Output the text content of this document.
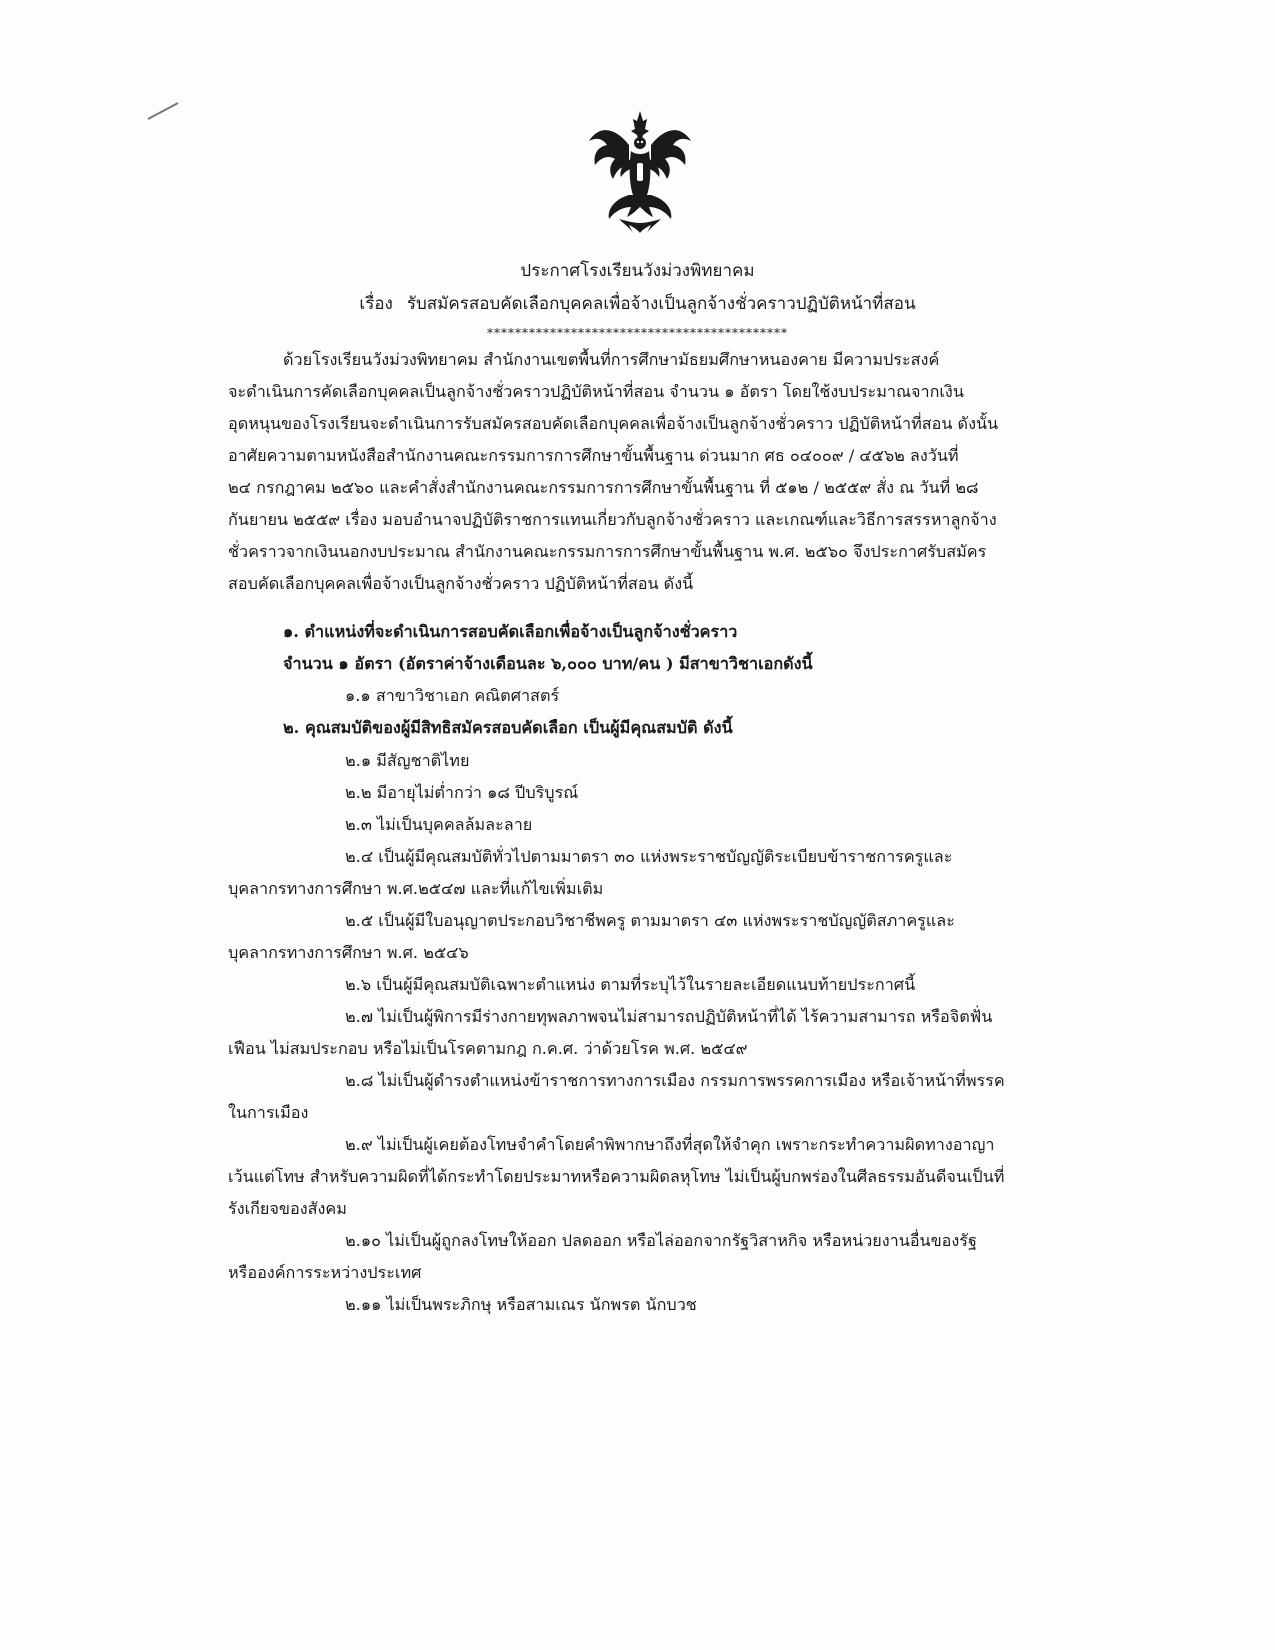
ประกาศโรงเรียนวังม่วงพิทยาคม
เรื่อง รับสมัครสอบคัดเลือกบุคคลเพื่อจ้างเป็นลูกจ้างชั่วคราวปฏิบัติหน้าที่สอน
*******************************************
ด้วยโรงเรียนวังม่วงพิทยาคม สำนักงานเขตพื้นที่การศึกษามัธยมศึกษาหนองคาย มีความประสงค์
จะดำเนินการคัดเลือกบุคคลเป็นลูกจ้างชั่วคราวปฏิบัติหน้าที่สอน จำนวน ๑ อัตรา โดยใช้งบประมาณจากเงิน
อุดหนุนของโรงเรียนจะดำเนินการรับสมัครสอบคัดเลือกบุคคลเพื่อจ้างเป็นลูกจ้างชั่วคราว ปฏิบัติหน้าที่สอน ดังนั้น
อาศัยความตามหนังสือสำนักงานคณะกรรมการการศึกษาขั้นพื้นฐาน ด่วนมาก ศธ ๐๔๐๐๙ / ๔๕๖๒ ลงวันที่
๒๔ กรกฎาคม ๒๕๖๐ และคำสั่งสำนักงานคณะกรรมการการศึกษาขั้นพื้นฐาน ที่ ๕๑๒ / ๒๕๕๙ สั่ง ณ วันที่ ๒๘
กันยายน ๒๕๕๙ เรื่อง มอบอำนาจปฏิบัติราชการแทนเกี่ยวกับลูกจ้างชั่วคราว และเกณฑ์และวิธีการสรรหาลูกจ้าง
ชั่วคราวจากเงินนอกงบประมาณ สำนักงานคณะกรรมการการศึกษาขั้นพื้นฐาน พ.ศ. ๒๕๖๐ จึงประกาศรับสมัคร
สอบคัดเลือกบุคคลเพื่อจ้างเป็นลูกจ้างชั่วคราว ปฏิบัติหน้าที่สอน ดังนี้
๑. ตำแหน่งที่จะดำเนินการสอบคัดเลือกเพื่อจ้างเป็นลูกจ้างชั่วคราว
จำนวน ๑ อัตรา (อัตราค่าจ้างเดือนละ ๖,๐๐๐ บาท/คน ) มีสาขาวิชาเอกดังนี้
๑.๑ สาขาวิชาเอก คณิตศาสตร์
๒. คุณสมบัติของผู้มีสิทธิสมัครสอบคัดเลือก เป็นผู้มีคุณสมบัติ ดังนี้
๒.๑ มีสัญชาติไทย
๒.๒ มีอายุไม่ต่ำกว่า ๑๘ ปีบริบูรณ์
๒.๓ ไม่เป็นบุคคลล้มละลาย
๒.๔ เป็นผู้มีคุณสมบัติทั่วไปตามมาตรา ๓๐ แห่งพระราชบัญญัติระเบียบข้าราชการครูและ
บุคลากรทางการศึกษา พ.ศ.๒๕๔๗ และที่แก้ไขเพิ่มเติม
๒.๕ เป็นผู้มีใบอนุญาตประกอบวิชาชีพครู ตามมาตรา ๔๓ แห่งพระราชบัญญัติสภาครูและ
บุคลากรทางการศึกษา พ.ศ. ๒๕๔๖
๒.๖ เป็นผู้มีคุณสมบัติเฉพาะตำแหน่ง ตามที่ระบุไว้ในรายละเอียดแนบท้ายประกาศนี้
๒.๗ ไม่เป็นผู้พิการมีร่างกายทุพลภาพจนไม่สามารถปฏิบัติหน้าที่ได้ ไร้ความสามารถ หรือจิตฟั่น
เฟือน ไม่สมประกอบ หรือไม่เป็นโรคตามกฎ ก.ค.ศ. ว่าด้วยโรค พ.ศ. ๒๕๔๙
๒.๘ ไม่เป็นผู้ดำรงตำแหน่งข้าราชการทางการเมือง กรรมการพรรคการเมือง หรือเจ้าหน้าที่พรรค
ในการเมือง
๒.๙ ไม่เป็นผู้เคยต้องโทษจำคำโดยคำพิพากษาถึงที่สุดให้จำคุก เพราะกระทำความผิดทางอาญา
เว้นแต่โทษ สำหรับความผิดที่ได้กระทำโดยประมาทหรือความผิดลหุโทษ ไม่เป็นผู้บกพร่องในศีลธรรมอันดีจนเป็นที่
รังเกียจของสังคม
๒.๑๐ ไม่เป็นผู้ถูกลงโทษให้ออก ปลดออก หรือไล่ออกจากรัฐวิสาหกิจ หรือหน่วยงานอื่นของรัฐ
หรือองค์การระหว่างประเทศ
๒.๑๑ ไม่เป็นพระภิกษุ หรือสามเณร นักพรต นักบวช
